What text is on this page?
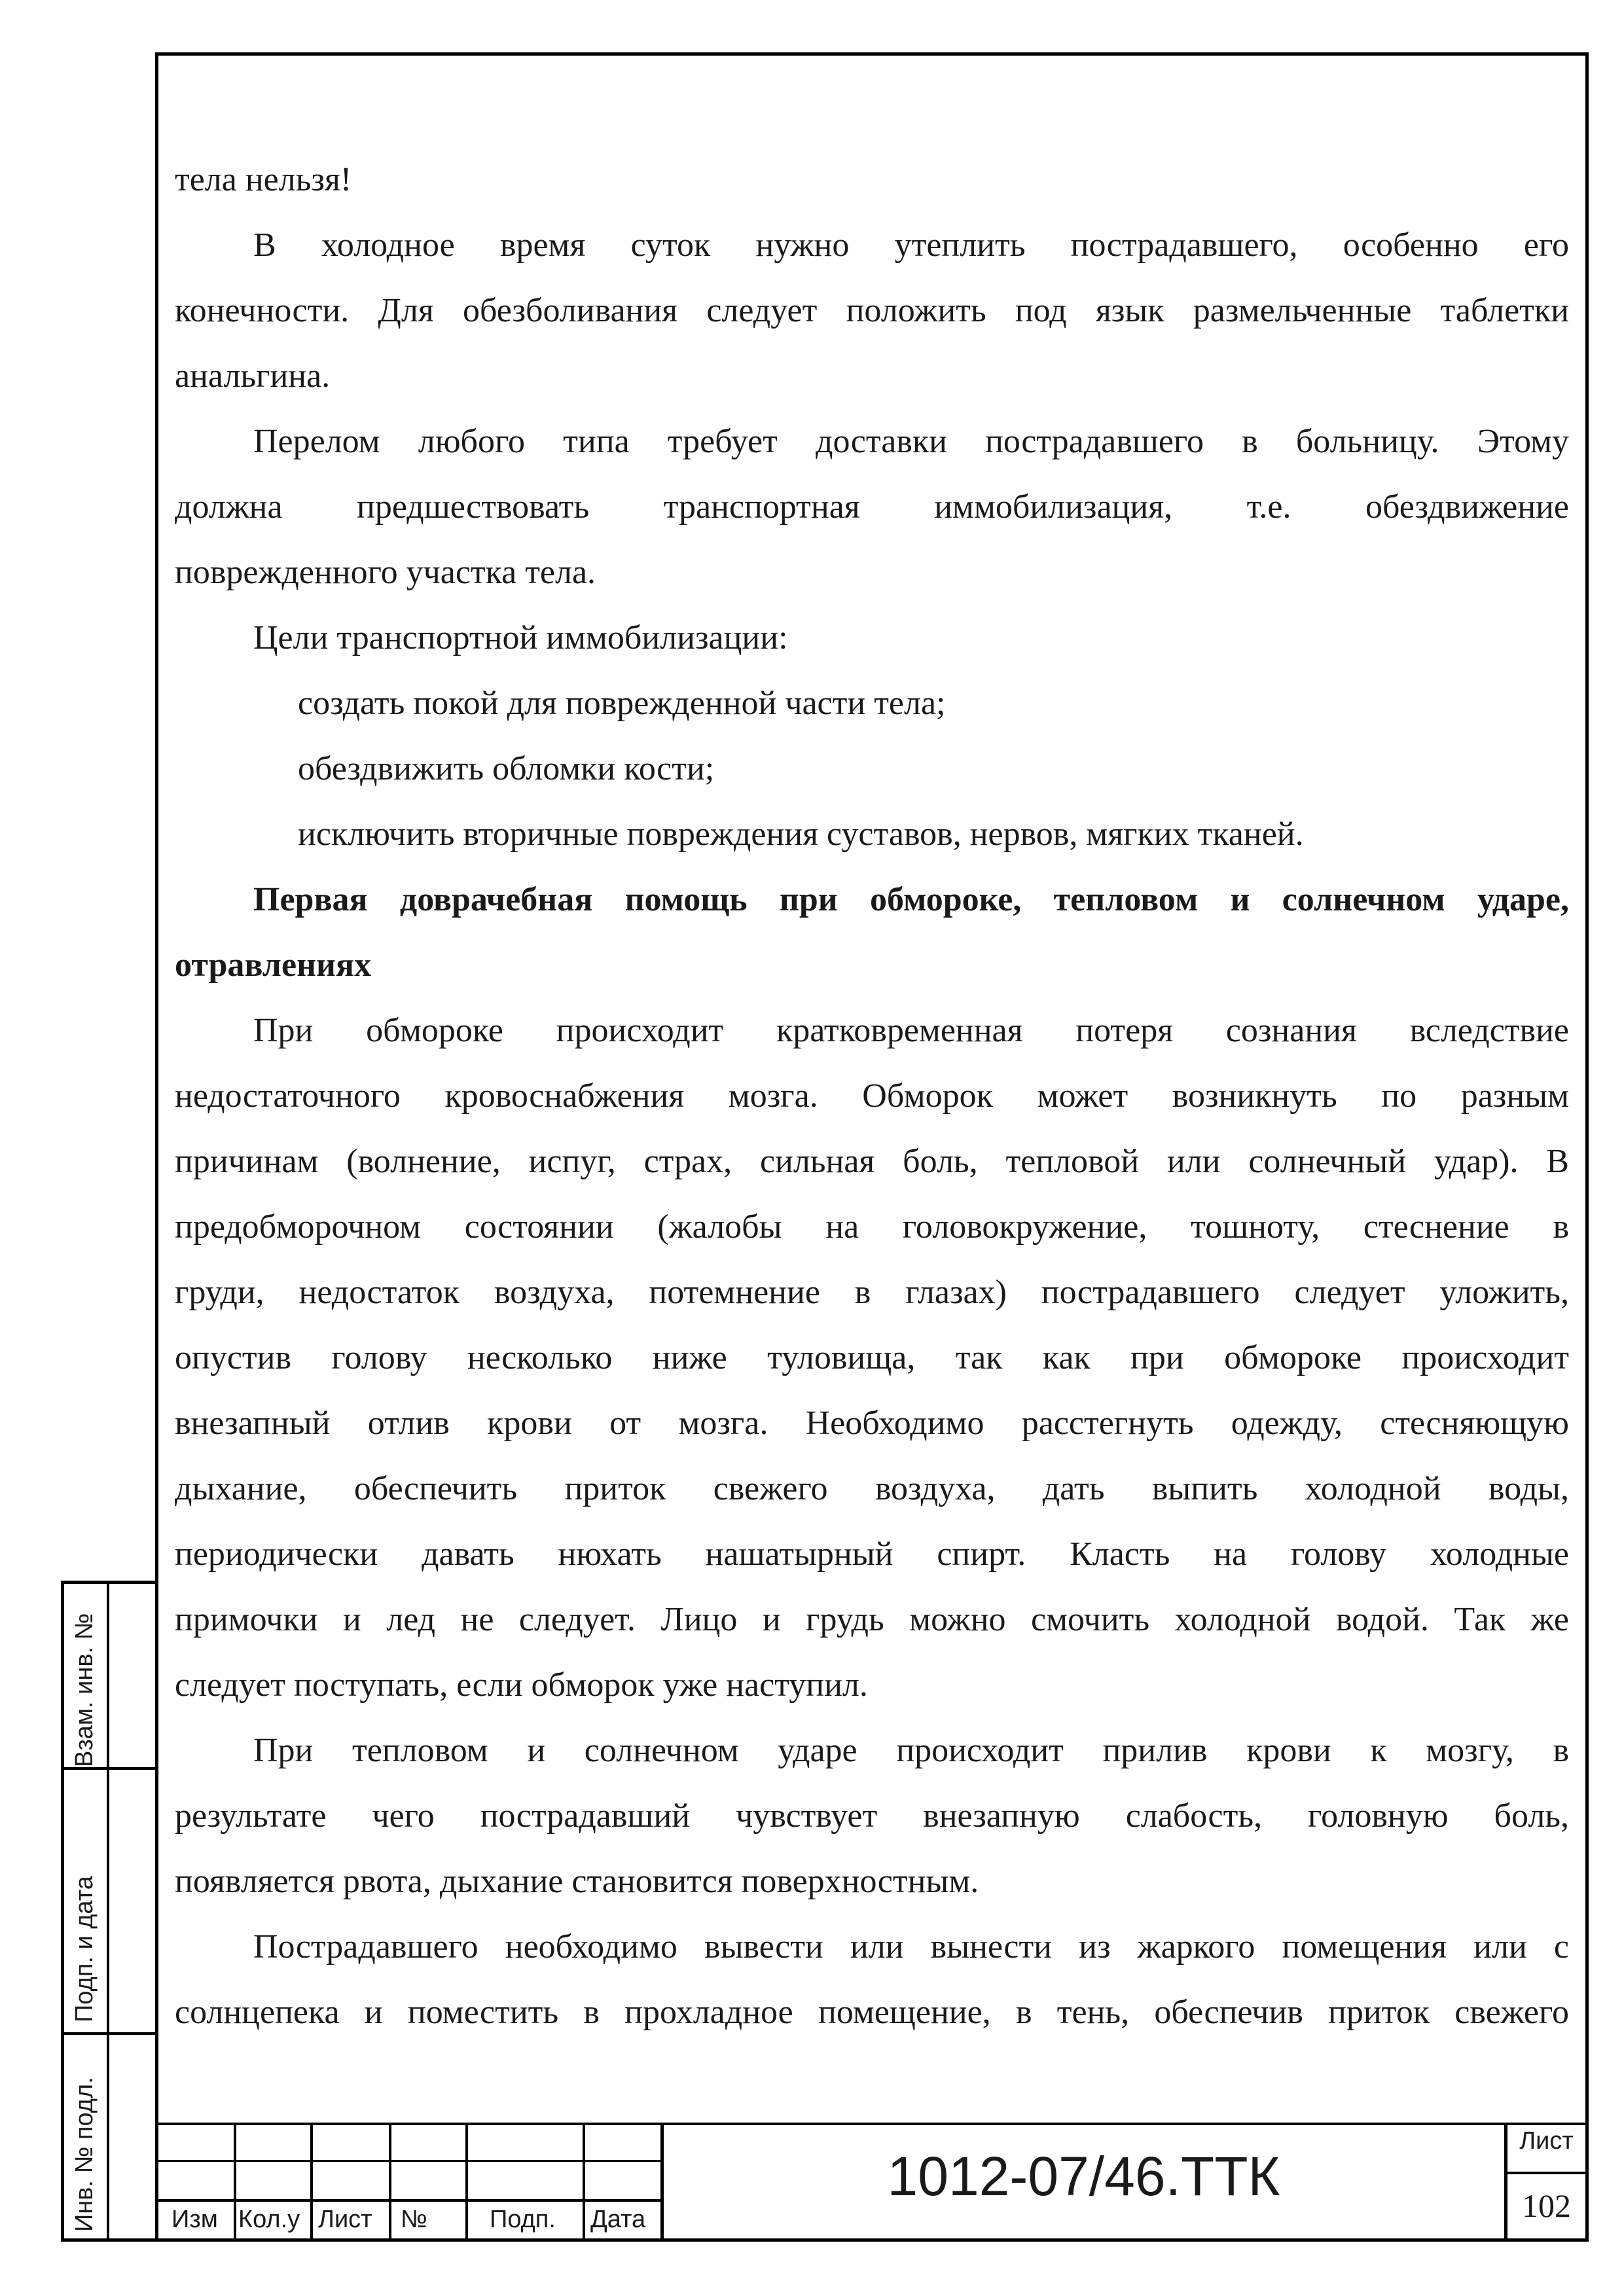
тела нельзя!
В холодное время суток нужно утеплить пострадавшего, особенно его
конечности. Для обезболивания следует положить под язык размельченные таблетки
анальгина.
Перелом любого типа требует доставки пострадавшего в больницу. Этому
должна предшествовать транспортная иммобилизация, т.е. обездвижение
поврежденного участка тела.
Цели транспортной иммобилизации:
создать покой для поврежденной части тела;
обездвижить обломки кости;
исключить вторичные повреждения суставов, нервов, мягких тканей.
Первая доврачебная помощь при обмороке, тепловом и солнечном ударе,
отравлениях
При обмороке происходит кратковременная потеря сознания вследствие
недостаточного кровоснабжения мозга. Обморок может возникнуть по разным
причинам (волнение, испуг, страх, сильная боль, тепловой или солнечный удар). В
предобморочном состоянии (жалобы на головокружение, тошноту, стеснение в
груди, недостаток воздуха, потемнение в глазах) пострадавшего следует уложить,
опустив голову несколько ниже туловища, так как при обмороке происходит
внезапный отлив крови от мозга. Необходимо расстегнуть одежду, стесняющую
дыхание, обеспечить приток свежего воздуха, дать выпить холодной воды,
периодически давать нюхать нашатырный спирт. Класть на голову холодные
примочки и лед не следует. Лицо и грудь можно смочить холодной водой. Так же
следует поступать, если обморок уже наступил.
При тепловом и солнечном ударе происходит прилив крови к мозгу, в
результате чего пострадавший чувствует внезапную слабость, головную боль,
появляется рвота, дыхание становится поверхностным.
Пострадавшего необходимо вывести или вынести из жаркого помещения или с
солнцепека и поместить в прохладное помещение, в тень, обеспечив приток свежего
Взам. инв. №
Подп. и дата
Инв. № подл.	Изм Кол.у Лист №	Подп. Дата
1012-07/46.ТТК
Лист
102
